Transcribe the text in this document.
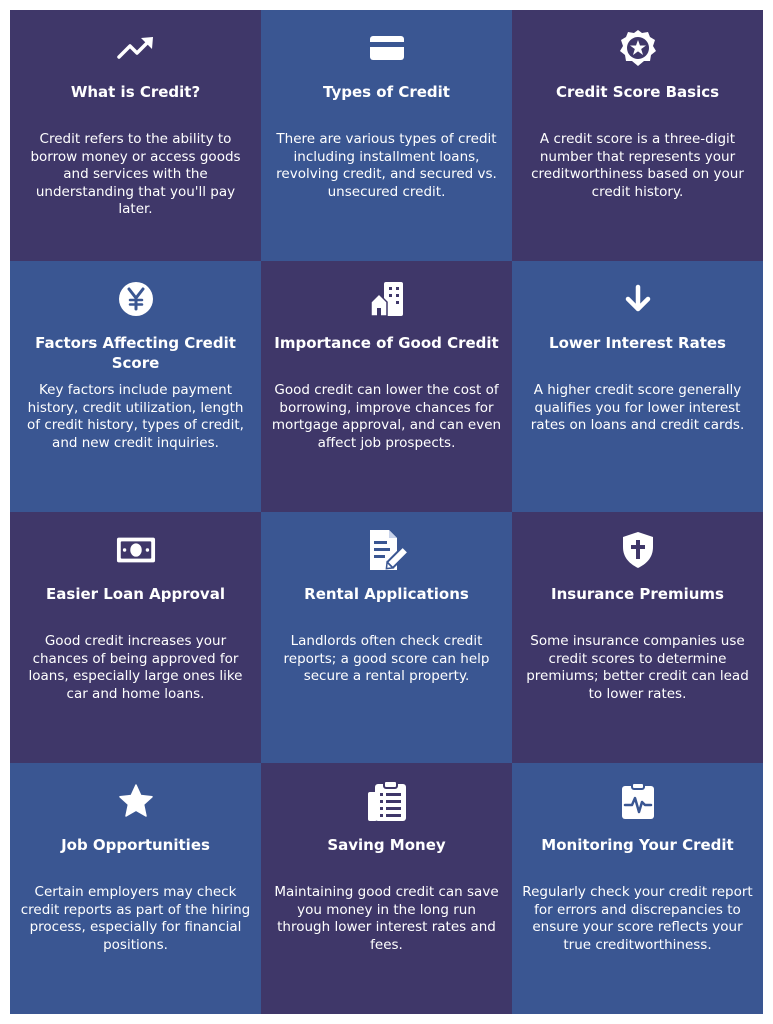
What is Credit?
Credit refers to the ability to borrow money or access goods and services with the understanding that you'll pay later.
Types of Credit
There are various types of credit including installment loans, revolving credit, and secured vs. unsecured credit.
Credit Score Basics
A credit score is a three-digit number that represents your creditworthiness based on your credit history.
Factors Affecting Credit Score
Key factors include payment history, credit utilization, length of credit history, types of credit, and new credit inquiries.
Importance of Good Credit
Good credit can lower the cost of borrowing, improve chances for mortgage approval, and can even affect job prospects.
Lower Interest Rates
A higher credit score generally qualifies you for lower interest rates on loans and credit cards.
Easier Loan Approval
Good credit increases your chances of being approved for loans, especially large ones like car and home loans.
Rental Applications
Landlords often check credit reports; a good score can help secure a rental property.
Insurance Premiums
Some insurance companies use credit scores to determine premiums; better credit can lead to lower rates.
Job Opportunities
Certain employers may check credit reports as part of the hiring process, especially for financial positions.
Saving Money
Maintaining good credit can save you money in the long run through lower interest rates and fees.
Monitoring Your Credit
Regularly check your credit report for errors and discrepancies to ensure your score reflects your true creditworthiness.
